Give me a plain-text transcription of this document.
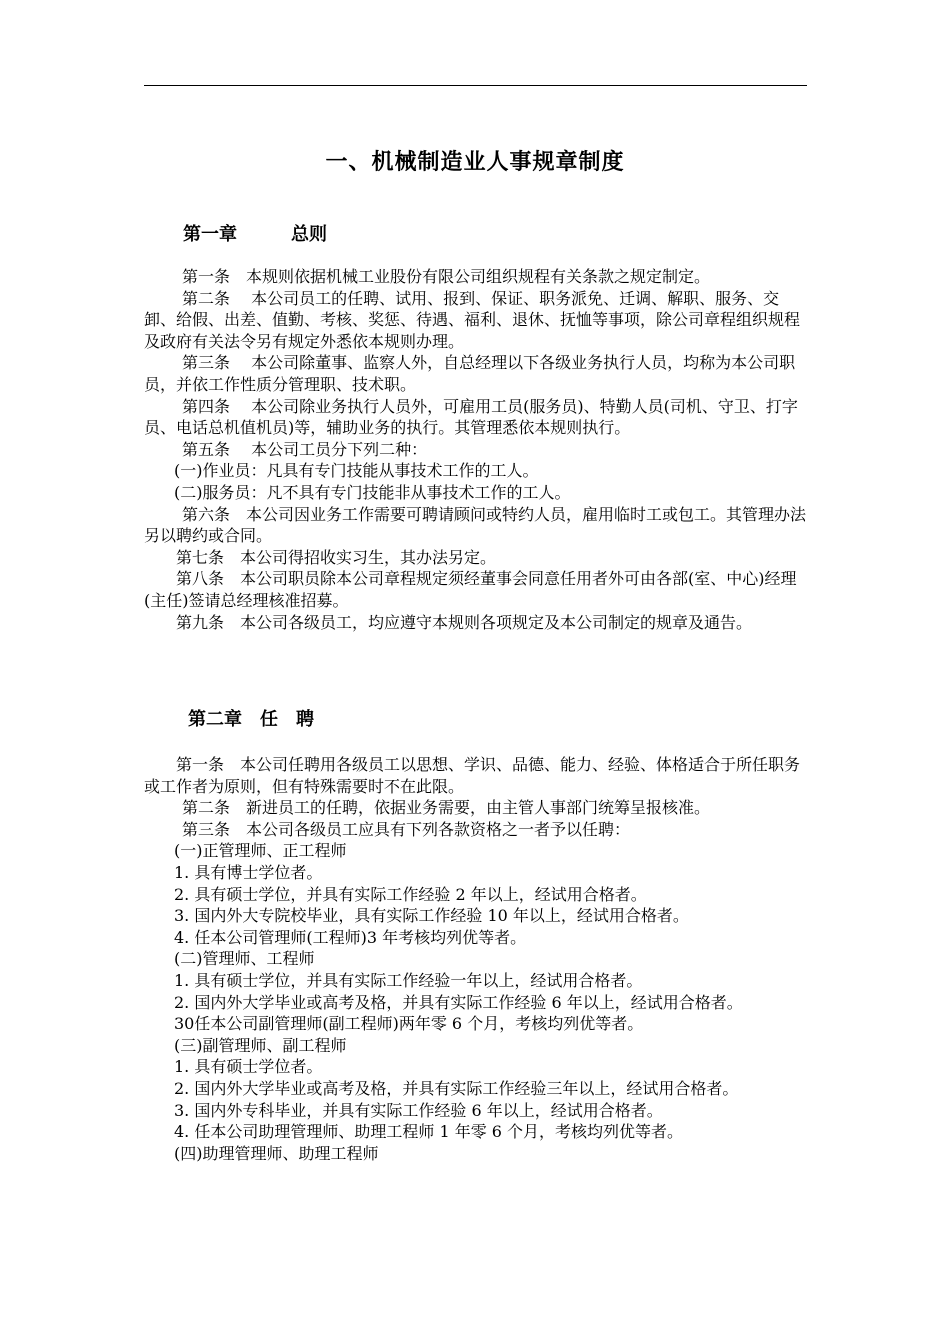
一、机械制造业人事规章制度
第一章　　　总则

第一条　本规则依据机械工业股份有限公司组织规程有关条款之规定制定。

第二条　 本公司员工的任聘、试用、报到、保证、职务派免、迁调、解职、服务、交卸、给假、出差、值勤、考核、奖惩、待遇、福利、退休、抚恤等事项，除公司章程组织规程及政府有关法令另有规定外悉依本规则办理。

第三条　 本公司除董事、监察人外，自总经理以下各级业务执行人员，均称为本公司职员，并依工作性质分管理职、技术职。

第四条　 本公司除业务执行人员外，可雇用工员(服务员)、特勤人员(司机、守卫、打字员、电话总机值机员)等，辅助业务的执行。其管理悉依本规则执行。

第五条　 本公司工员分下列二种：

(一)作业员：凡具有专门技能从事技术工作的工人。

(二)服务员：凡不具有专门技能非从事技术工作的工人。

第六条　本公司因业务工作需要可聘请顾问或特约人员，雇用临时工或包工。其管理办法另以聘约或合同。

第七条　本公司得招收实习生，其办法另定。

第八条　本公司职员除本公司章程规定须经董事会同意任用者外可由各部(室、中心)经理(主任)签请总经理核准招募。

第九条　本公司各级员工，均应遵守本规则各项规定及本公司制定的规章及通告。

第二章　任　聘

第一条　本公司任聘用各级员工以思想、学识、品德、能力、经验、体格适合于所任职务或工作者为原则，但有特殊需要时不在此限。

第二条　新进员工的任聘，依据业务需要，由主管人事部门统筹呈报核准。

第三条　本公司各级员工应具有下列各款资格之一者予以任聘：

(一)正管理师、正工程师

1. 具有博士学位者。

2. 具有硕士学位，并具有实际工作经验 2 年以上，经试用合格者。

3. 国内外大专院校毕业，具有实际工作经验 10 年以上，经试用合格者。

4. 任本公司管理师(工程师)3 年考核均列优等者。

(二)管理师、工程师

1. 具有硕士学位，并具有实际工作经验一年以上，经试用合格者。

2. 国内外大学毕业或高考及格，并具有实际工作经验 6 年以上，经试用合格者。

30任本公司副管理师(副工程师)两年零 6 个月，考核均列优等者。

(三)副管理师、副工程师

1. 具有硕士学位者。

2. 国内外大学毕业或高考及格，并具有实际工作经验三年以上，经试用合格者。

3. 国内外专科毕业，并具有实际工作经验 6 年以上，经试用合格者。

4. 任本公司助理管理师、助理工程师 1 年零 6 个月，考核均列优等者。

(四)助理管理师、助理工程师
